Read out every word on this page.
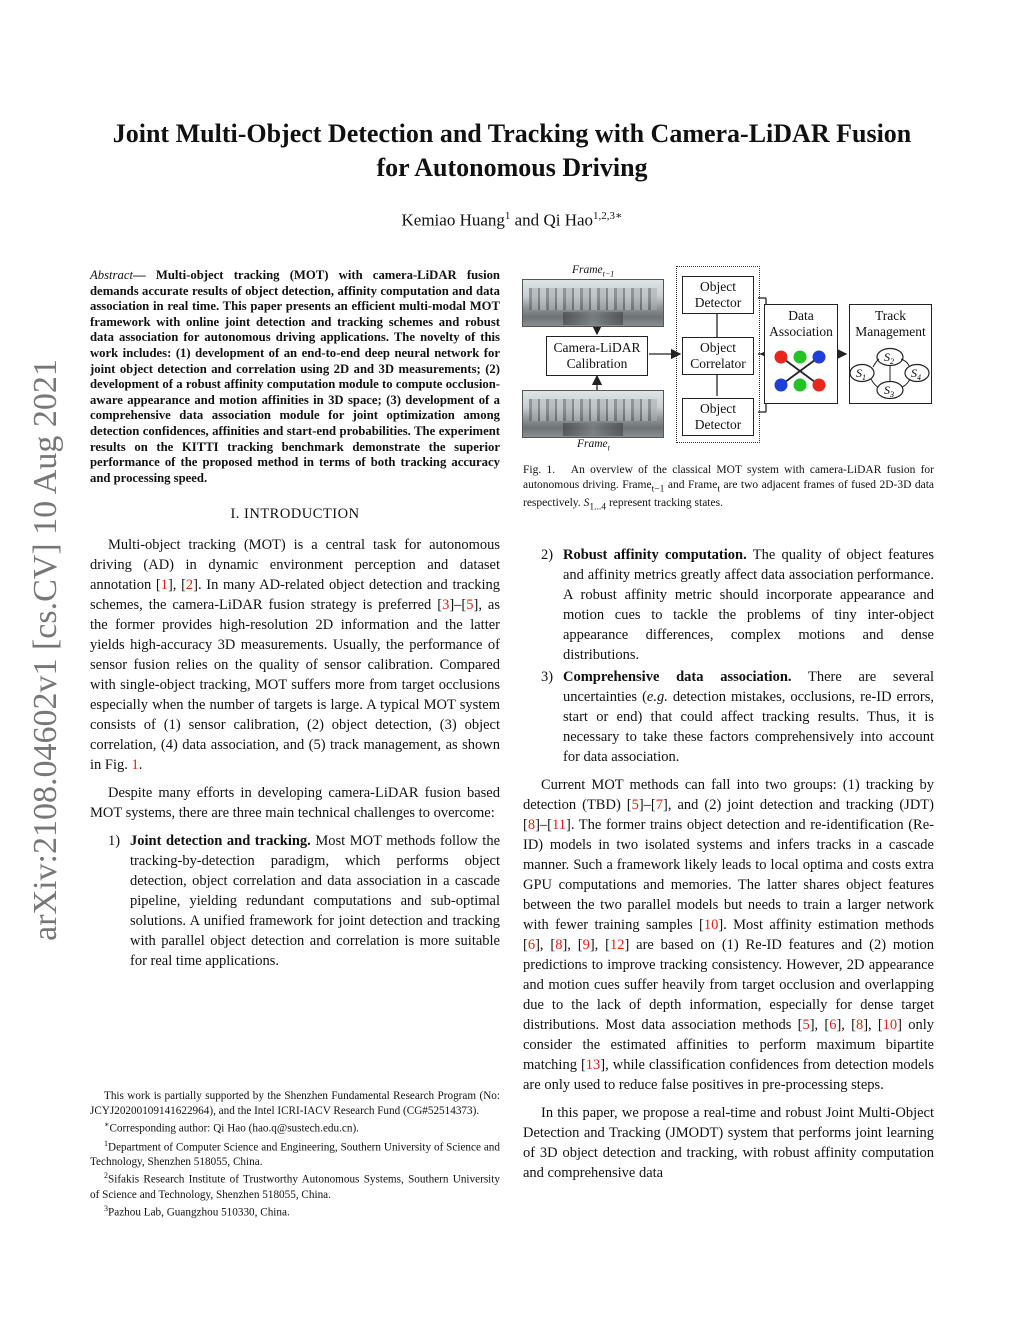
Joint Multi-Object Detection and Tracking with Camera-LiDAR Fusion
for Autonomous Driving
Kemiao Huang$^1$ and Qi Hao$^{1,2,3∗}$
arXiv:2108.04602v1 [cs.CV] 10 Aug 2021

Abstract— Multi-object tracking (MOT) with camera-LiDAR fusion demands accurate results of object detection, affinity computation and data association in real time. This paper presents an efficient multi-modal MOT framework with online joint detection and tracking schemes and robust data association for autonomous driving applications. The novelty of this work includes: (1) development of an end-to-end deep neural network for joint object detection and correlation using 2D and 3D measurements; (2) development of a robust affinity computation module to compute occlusion-aware appearance and motion affinities in 3D space; (3) development of a comprehensive data association module for joint optimization among detection confidences, affinities and start-end probabilities. The experiment results on the KITTI tracking benchmark demonstrate the superior performance of the proposed method in terms of both tracking accuracy and processing speed.

I. INTRODUCTION

Multi-object tracking (MOT) is a central task for autonomous driving (AD) in dynamic environment perception and dataset annotation [1], [2]. In many AD-related object detection and tracking schemes, the camera-LiDAR fusion strategy is preferred [3]–[5], as the former provides high-resolution 2D information and the latter yields high-accuracy 3D measurements. Usually, the performance of sensor fusion relies on the quality of sensor calibration. Compared with single-object tracking, MOT suffers more from target occlusions especially when the number of targets is large. A typical MOT system consists of (1) sensor calibration, (2) object detection, (3) object correlation, (4) data association, and (5) track management, as shown in Fig. 1.

Despite many efforts in developing camera-LiDAR fusion based MOT systems, there are three main technical challenges to overcome:

1) Joint detection and tracking. Most MOT methods follow the tracking-by-detection paradigm, which performs object detection, object correlation and data association in a cascade pipeline, yielding redundant computations and sub-optimal solutions. A unified framework for joint detection and tracking with parallel object detection and correlation is more suitable for real time applications.

This work is partially supported by the Shenzhen Fundamental Research Program (No: JCYJ20200109141622964), and the Intel ICRI-IACV Research Fund (CG#52514373).

∗Corresponding author: Qi Hao (hao.q@sustech.edu.cn).

$^1$Department of Computer Science and Engineering, Southern University of Science and Technology, Shenzhen 518055, China.

$^2$Sifakis Research Institute of Trustworthy Autonomous Systems, Southern University of Science and Technology, Shenzhen 518055, China.

$^3$Pazhou Lab, Guangzhou 510330, China.

Frame$_{t-1}$
Frame$_t$
Camera-LiDAR
Calibration
Object
Detector
Object
Correlator
Object
Detector
Data
Association
Track
Management
$S_2$
$S_1$	$S_4$
$S_3$
Fig. 1. An overview of the classical MOT system with camera-LiDAR fusion for autonomous driving. Frame$_{t-1}$ and Frame$_t$ are two adjacent frames of fused 2D-3D data respectively. $S_{1...4}$ represent tracking states.
2) Robust affinity computation. The quality of object features and affinity metrics greatly affect data association performance. A robust affinity metric should incorporate appearance and motion cues to tackle the problems of tiny inter-object appearance differences, complex motions and dense distributions.
3) Comprehensive data association. There are several uncertainties (e.g. detection mistakes, occlusions, re-ID errors, start or end) that could affect tracking results. Thus, it is necessary to take these factors comprehensively into account for data association.

Current MOT methods can fall into two groups: (1) tracking by detection (TBD) [5]–[7], and (2) joint detection and tracking (JDT) [8]–[11]. The former trains object detection and re-identification (Re-ID) models in two isolated systems and infers tracks in a cascade manner. Such a framework likely leads to local optima and costs extra GPU computations and memories. The latter shares object features between the two parallel models but needs to train a larger network with fewer training samples [10]. Most affinity estimation methods [6], [8], [9], [12] are based on (1) Re-ID features and (2) motion predictions to improve tracking consistency. However, 2D appearance and motion cues suffer heavily from target occlusion and overlapping due to the lack of depth information, especially for dense target distributions. Most data association methods [5], [6], [8], [10] only consider the estimated affinities to perform maximum bipartite matching [13], while classification confidences from detection models are only used to reduce false positives in pre-processing steps.

In this paper, we propose a real-time and robust Joint Multi-Object Detection and Tracking (JMODT) system that performs joint learning of 3D object detection and tracking, with robust affinity computation and comprehensive data
